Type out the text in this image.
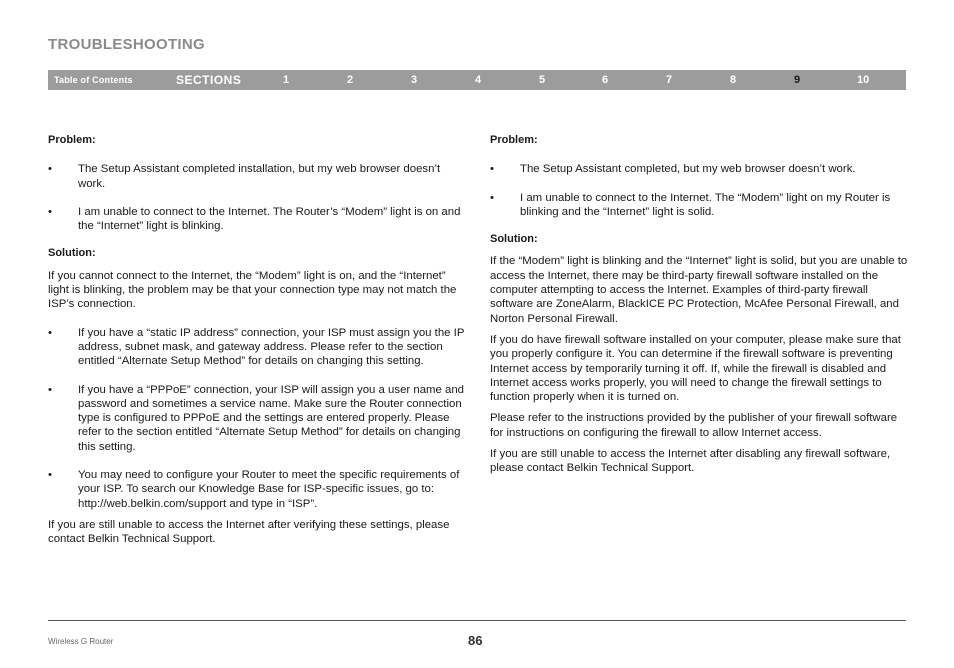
TROUBLESHOOTING
Table of Contents	SECTIONS	1	2	3	4	5	6	7	8	9	10

Problem:

• The Setup Assistant completed installation, but my web browser doesn’t work.

• I am unable to connect to the Internet. The Router’s “Modem” light is on and the “Internet” light is blinking.

Solution:

If you cannot connect to the Internet, the “Modem” light is on, and the “Internet” light is blinking, the problem may be that your connection type may not match the ISP’s connection.

• If you have a “static IP address” connection, your ISP must assign you the IP address, subnet mask, and gateway address. Please refer to the section entitled “Alternate Setup Method” for details on changing this setting.

• If you have a “PPPoE” connection, your ISP will assign you a user name and password and sometimes a service name. Make sure the Router connection type is configured to PPPoE and the settings are entered properly. Please refer to the section entitled “Alternate Setup Method” for details on changing this setting.

• You may need to configure your Router to meet the specific requirements of your ISP. To search our Knowledge Base for ISP-specific issues, go to: http://web.belkin.com/support and type in “ISP”.

If you are still unable to access the Internet after verifying these settings, please contact Belkin Technical Support.

Problem:

• The Setup Assistant completed, but my web browser doesn’t work.

• I am unable to connect to the Internet. The “Modem” light on my Router is blinking and the “Internet” light is solid.

Solution:

If the “Modem” light is blinking and the “Internet” light is solid, but you are unable to access the Internet, there may be third-party firewall software installed on the computer attempting to access the Internet. Examples of third-party firewall software are ZoneAlarm, BlackICE PC Protection, McAfee Personal Firewall, and Norton Personal Firewall.

If you do have firewall software installed on your computer, please make sure that you properly configure it. You can determine if the firewall software is preventing Internet access by temporarily turning it off. If, while the firewall is disabled and Internet access works properly, you will need to change the firewall settings to function properly when it is turned on.

Please refer to the instructions provided by the publisher of your firewall software for instructions on configuring the firewall to allow Internet access.

If you are still unable to access the Internet after disabling any firewall software, please contact Belkin Technical Support.

Wireless G Router	86
